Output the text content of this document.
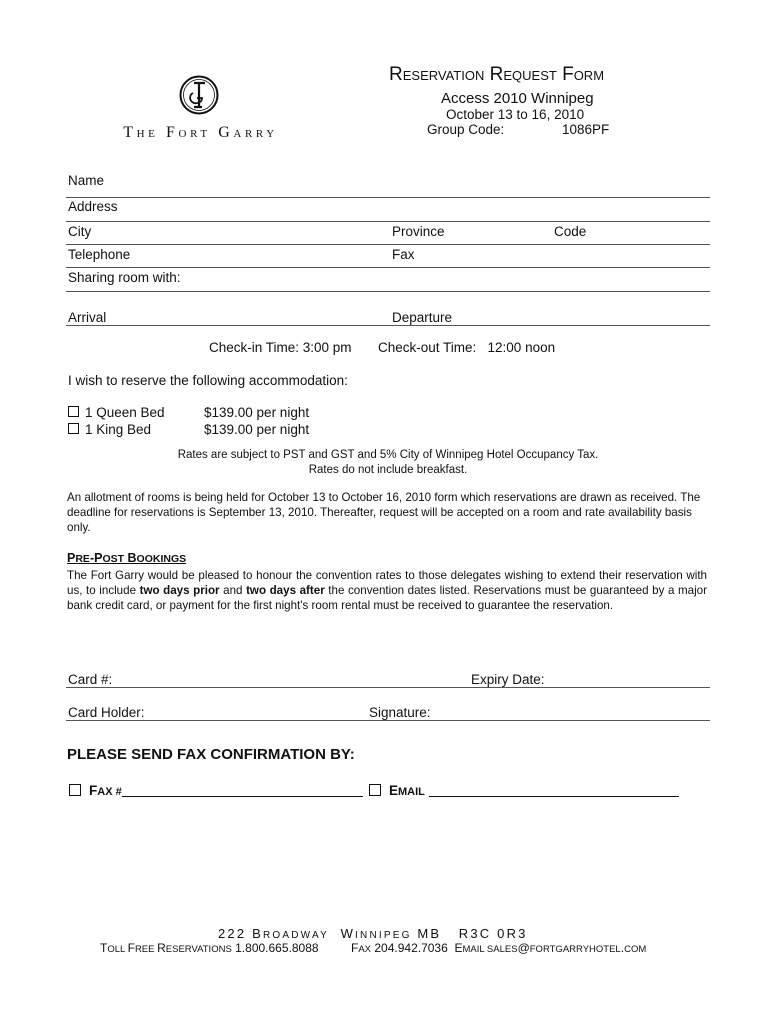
The Fort Garry
Reservation Request Form
Access 2010 Winnipeg
October 13 to 16, 2010
Group Code:	1086PF
Name
Address
City	Province	Code
Telephone	Fax
Sharing room with:
Arrival	Departure
Check-in Time: 3:00 pm Check-out Time:   12:00 noon
I wish to reserve the following accommodation:
1 Queen Bed	$139.00 per night
1 King Bed	$139.00 per night
Rates are subject to PST and GST and 5% City of Winnipeg Hotel Occupancy Tax.
Rates do not include breakfast.
An allotment of rooms is being held for October 13 to October 16, 2010 form which reservations are drawn as received. The deadline for reservations is September 13, 2010. Thereafter, request will be accepted on a room and rate availability basis only.
PRE-POST BOOKINGS
The Fort Garry would be pleased to honour the convention rates to those delegates wishing to extend their reservation with us, to include two days prior and two days after the convention dates listed. Reservations must be guaranteed by a major bank credit card, or payment for the first night's room rental must be received to guarantee the reservation.
Card #:	Expiry Date:
Card Holder:	Signature:
PLEASE SEND FAX CONFIRMATION BY:
FAX #	EMAIL
222 BROADWAY  WINNIPEG MB   R3C 0R3
TOLL FREE RESERVATIONS 1.800.665.8088	FAX 204.942.7036  EMAIL SALES@FORTGARRYHOTEL.COM
